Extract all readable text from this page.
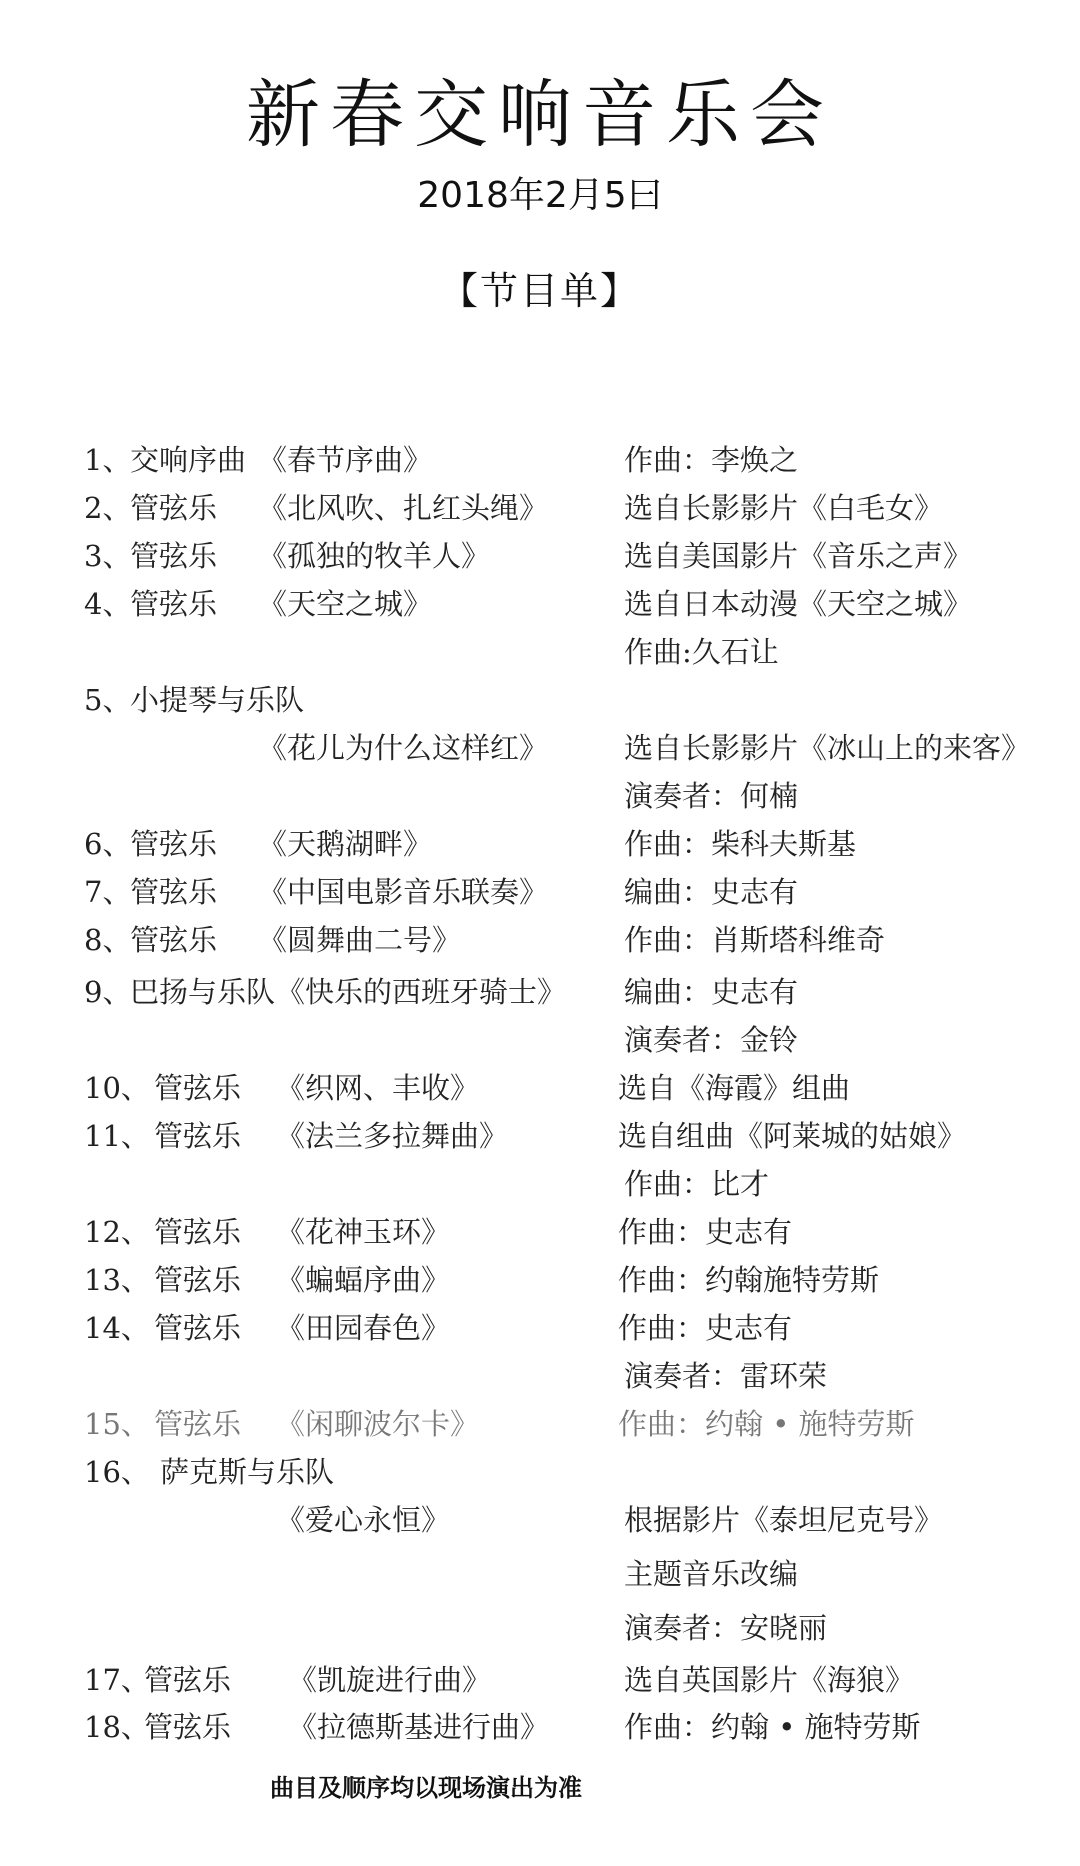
新春交响音乐会
2018年2月5曰
【节目单】
1、
交响序曲 《春节序曲》	作曲：李焕之
2、
管弦乐 《北风吹、扎红头绳》	选自长影影片《白毛女》
3、
管弦乐 《孤独的牧羊人》	选自美国影片《音乐之声》
4、
管弦乐 《天空之城》	选自日本动漫《天空之城》
作曲:久石让
5、
小提琴与乐队
《花儿为什么这样红》	选自长影影片《冰山上的来客》
演奏者：何楠
6、
管弦乐 《天鹅湖畔》	作曲：柴科夫斯基
7、
管弦乐 《中国电影音乐联奏》	编曲：史志有
8、
管弦乐 《圆舞曲二号》	作曲：肖斯塔科维奇
9、
巴扬与乐队 《快乐的西班牙骑士》 编曲：史志有
演奏者：金铃
10、 管弦乐 《织网、丰收》	选自《海霞》组曲
11、 管弦乐 《法兰多拉舞曲》	选自组曲《阿莱城的姑娘》
作曲：比才
12、 管弦乐 《花神玉环》	作曲：史志有
13、 管弦乐 《蝙蝠序曲》	作曲：约翰施特劳斯
14、 管弦乐 《田园春色》	作曲：史志有
演奏者：雷环荣
15、 管弦乐 《闲聊波尔卡》	作曲：约翰 • 施特劳斯
16、 萨克斯与乐队
《爱心永恒》	根据影片《泰坦尼克号》
主题音乐改编
演奏者：安晓丽
17、
管弦乐 《凯旋进行曲》	选自英国影片《海狼》
18、
管弦乐 《拉德斯基进行曲》	作曲：约翰 • 施特劳斯
曲目及顺序均以现场演出为准
